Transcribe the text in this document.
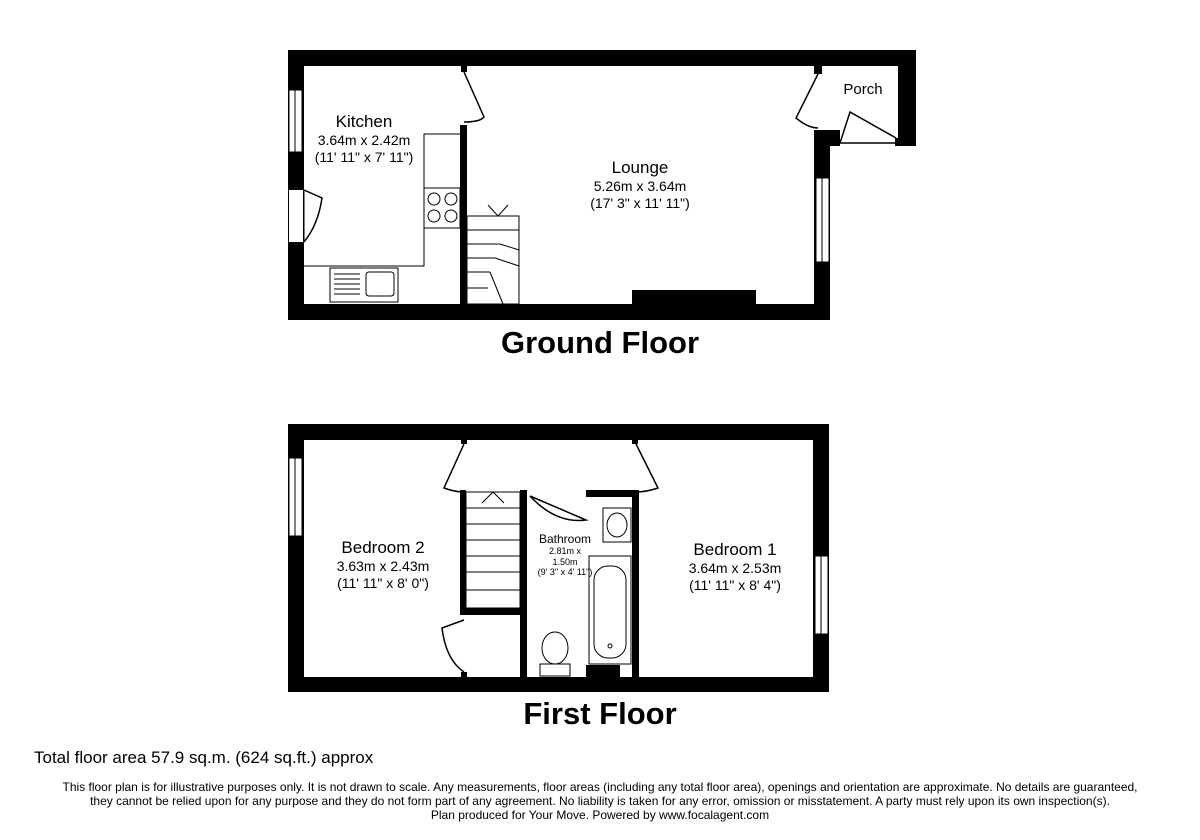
Ground Floor
First Floor
Kitchen
3.64m x 2.42m
(11' 11" x 7' 11")
Lounge
5.26m x 3.64m
(17' 3" x 11' 11")
Porch
Bedroom 2
3.63m x 2.43m
(11' 11" x 8' 0")
Bathroom
2.81m x
1.50m
(9' 3" x 4' 11")
Bedroom 1
3.64m x 2.53m
(11' 11" x 8' 4")
Total floor area 57.9 sq.m. (624 sq.ft.) approx
This floor plan is for illustrative purposes only. It is not drawn to scale. Any measurements, floor areas (including any total floor area), openings and orientation are approximate. No details are guaranteed,
they cannot be relied upon for any purpose and they do not form part of any agreement. No liability is taken for any error, omission or misstatement. A party must rely upon its own inspection(s).
Plan produced for Your Move. Powered by www.focalagent.com
